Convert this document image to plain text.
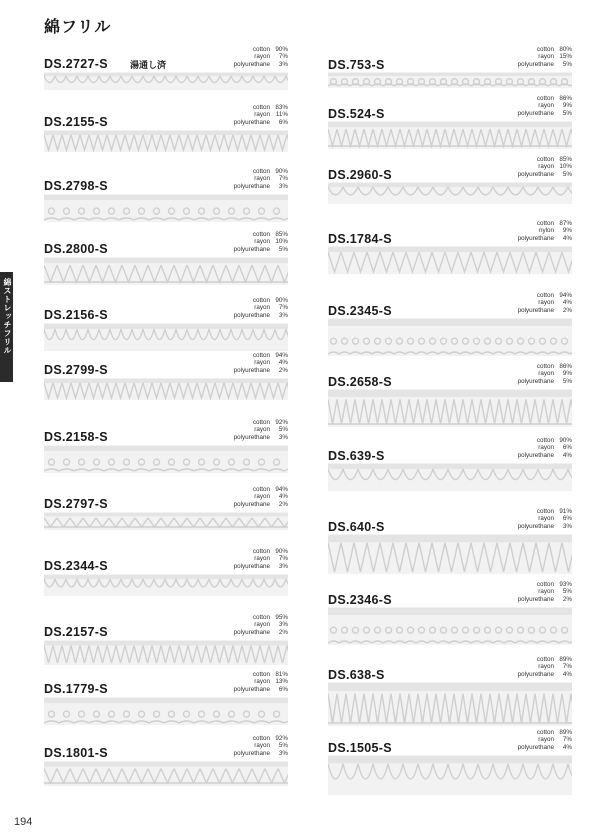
綿フリル
綿ストレッチフリル
DS.2727-S 湯通し済
cotton 90%
rayon	7%
polyurethane	3%
DS.2155-S
cotton 83%
rayon 11%
polyurethane	6%
DS.2798-S
cotton 90%
rayon	7%
polyurethane	3%
DS.2800-S
cotton 85%
rayon 10%
polyurethane	5%
DS.2156-S
cotton 90%
rayon	7%
polyurethane	3%
DS.2799-S
cotton 94%
rayon	4%
polyurethane	2%
DS.2158-S
cotton 92%
rayon	5%
polyurethane	3%
DS.2797-S
cotton 94%
rayon	4%
polyurethane	2%
DS.2344-S
cotton 90%
rayon	7%
polyurethane	3%
DS.2157-S
cotton 95%
rayon	3%
polyurethane	2%
DS.1779-S
cotton 81%
rayon 13%
polyurethane	6%
DS.1801-S
cotton 92%
rayon	5%
polyurethane	3%
DS.753-S
cotton 80%
rayon 15%
polyurethane	5%
DS.524-S
cotton 86%
rayon	9%
polyurethane	5%
DS.2960-S
cotton 85%
rayon 10%
polyurethane	5%
DS.1784-S
cotton 87%
nylon	9%
polyurethane	4%
DS.2345-S
cotton 94%
rayon	4%
polyurethane	2%
DS.2658-S
cotton 86%
rayon	9%
polyurethane	5%
DS.639-S
cotton 90%
rayon	6%
polyurethane	4%
DS.640-S
cotton 91%
rayon	6%
polyurethane	3%
DS.2346-S
cotton 93%
rayon	5%
polyurethane	2%
DS.638-S
cotton 89%
rayon	7%
polyurethane	4%
DS.1505-S
cotton 89%
rayon	7%
polyurethane	4%
194
